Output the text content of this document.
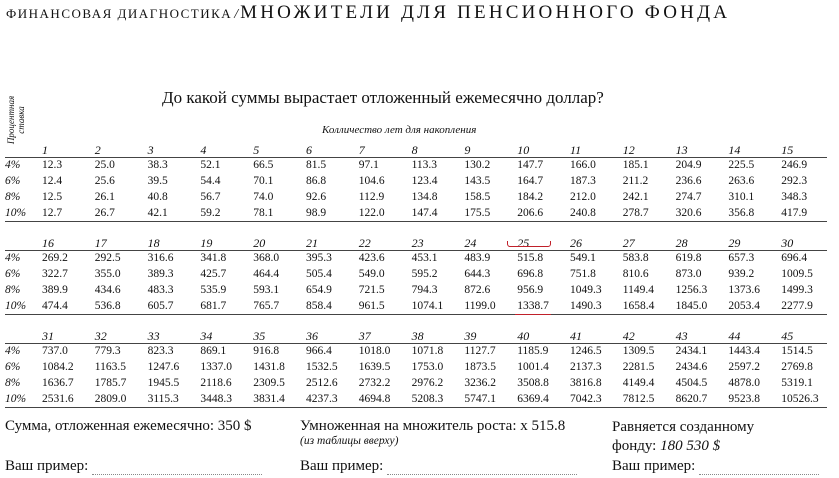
ФИНАНСОВАЯ ДИАГНОСТИКА / МНОЖИТЕЛИ ДЛЯ ПЕНСИОННОГО ФОНДА
Процентная ставка
До какой суммы вырастает отложенный ежемесячно доллар?
Колличество лет для накопления
1	2	3	4	5	6	7	8	9	10	11	12	13	14	15
4% 12.3	25.0	38.3	52.1	66.5	81.5	97.1	113.3 130.2 147.7 166.0 185.1 204.9 225.5 246.9
6% 12.4	25.6	39.5	54.4	70.1	86.8	104.6 123.4 143.5 164.7 187.3 211.2 236.6 263.6 292.3
8% 12.5	26.1	40.8	56.7	74.0	92.6	112.9 134.8 158.5 184.2 212.0 242.1 274.7 310.1 348.3
10% 12.7	26.7	42.1	59.2	78.1	98.9	122.0 147.4 175.5 206.6 240.8 278.7 320.6 356.8 417.9
16	17	18	19	20	21	22	23	24	25	26	27	28	29	30
4% 269.2 292.5 316.6 341.8 368.0 395.3 423.6 453.1 483.9 515.8 549.1 583.8 619.8 657.3 696.4
6% 322.7 355.0 389.3 425.7 464.4 505.4 549.0 595.2 644.3 696.8 751.8 810.6 873.0 939.2 1009.5
8% 389.9 434.6 483.3 535.9 593.1 654.9 721.5 794.3 872.6 956.9 1049.3 1149.4 1256.3 1373.6 1499.3
10% 474.4 536.8 605.7 681.7 765.7 858.4 961.5 1074.1 1199.0 1338.7 1490.3 1658.4 1845.0 2053.4 2277.9
31	32	33	34	35	36	37	38	39	40	41	42	43	44	45
4% 737.0 779.3 823.3 869.1 916.8 966.4 1018.0 1071.8 1127.7 1185.9 1246.5 1309.5 2434.1 1443.4 1514.5
6% 1084.2 1163.5 1247.6 1337.0 1431.8 1532.5 1639.5 1753.0 1873.5 1001.4 2137.3 2281.5 2434.6 2597.2 2769.8
8% 1636.7 1785.7 1945.5 2118.6 2309.5 2512.6 2732.2 2976.2 3236.2 3508.8 3816.8 4149.4 4504.5 4878.0 5319.1
10% 2531.6 2809.0 3115.3 3448.3 3831.4 4237.3 4694.8 5208.3 5747.1 6369.4 7042.3 7812.5 8620.7 9523.8 10526.3
Сумма, отложенная ежемесячно: 350 $	Умноженная на множитель роста: х 515.8
(из таблицы вверху)
Равняется созданному
фонду: 180 530 $
Ваш пример:	Ваш пример:	Ваш пример:
